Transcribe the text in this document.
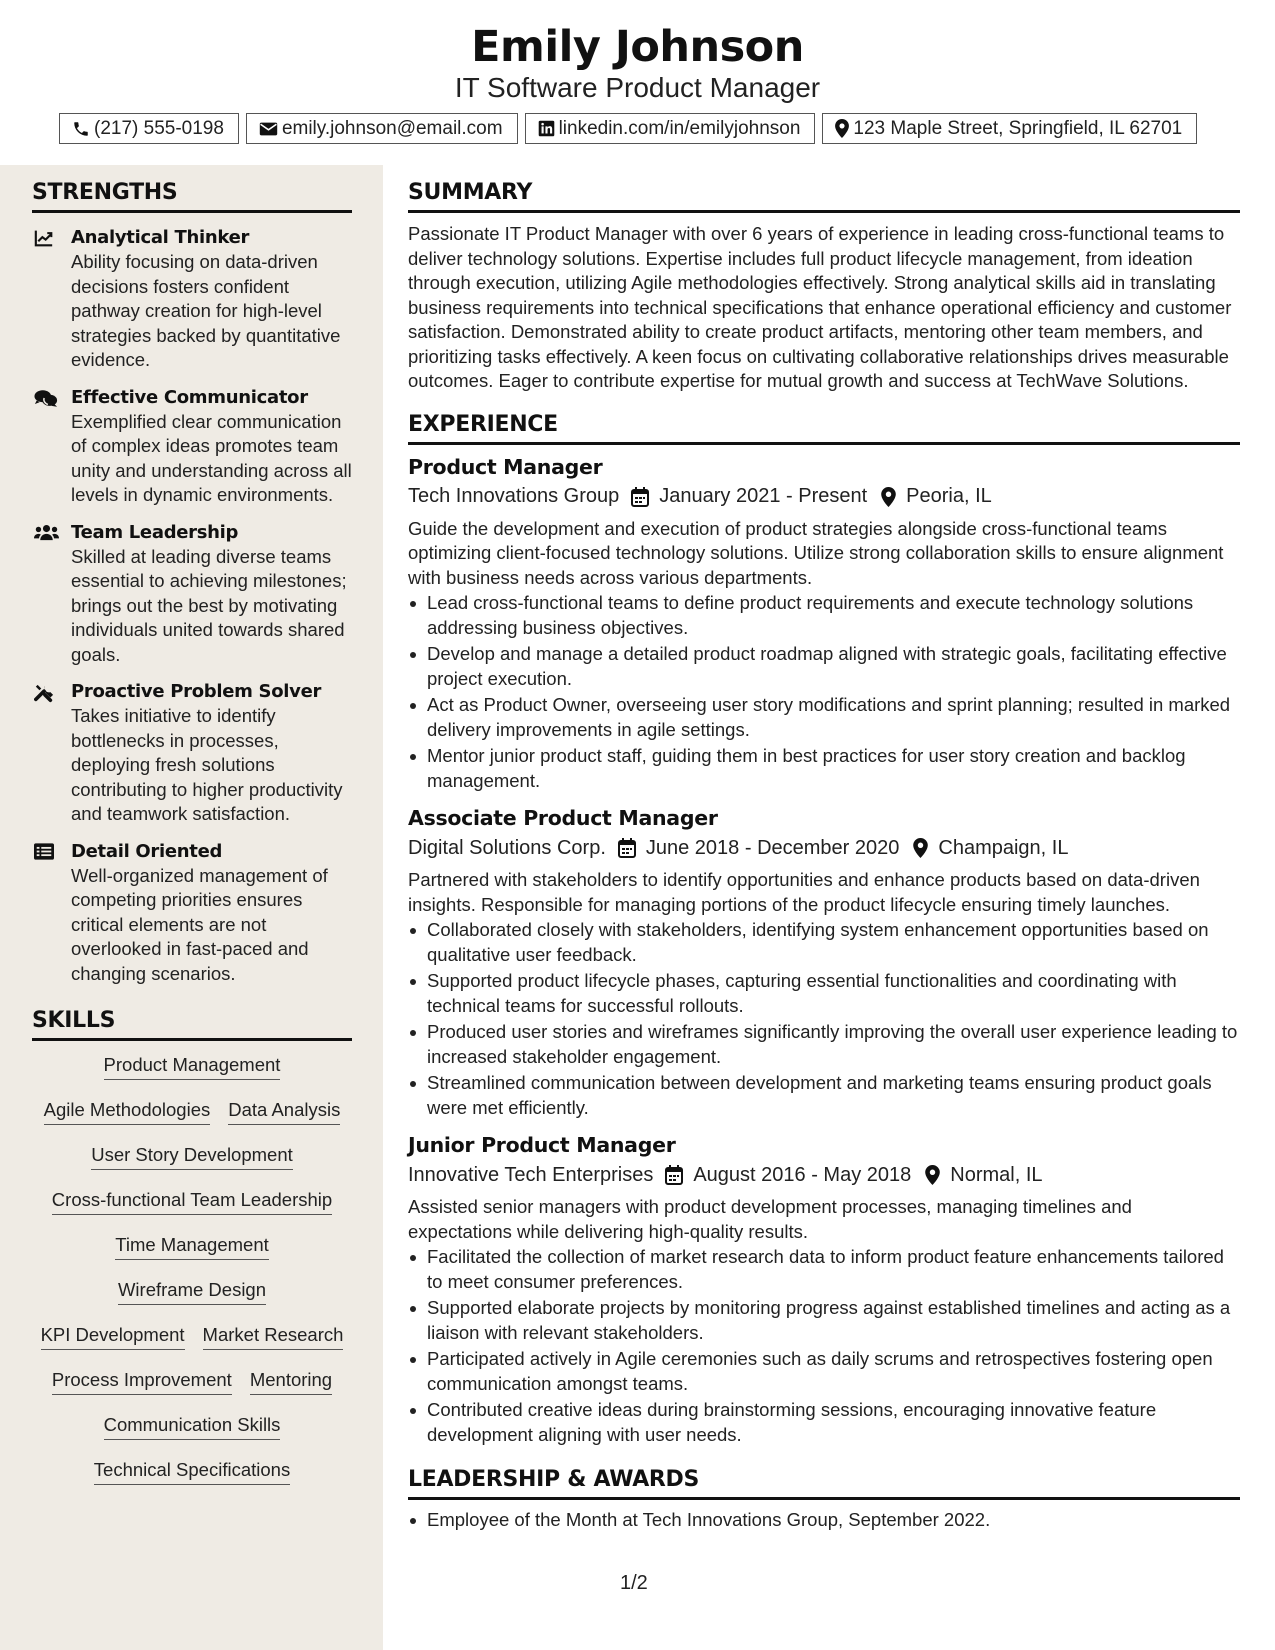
Emily Johnson
IT Software Product Manager
(217) 555-0198	emily.johnson@email.com	linkedin.com/in/emilyjohnson	123 Maple Street, Springfield, IL 62701
STRENGTHS
Analytical Thinker
Ability focusing on data-driven decisions fosters confident pathway creation for high-level strategies backed by quantitative evidence.
Effective Communicator
Exemplified clear communication of complex ideas promotes team unity and understanding across all levels in dynamic environments.
Team Leadership
Skilled at leading diverse teams essential to achieving milestones; brings out the best by motivating individuals united towards shared goals.
Proactive Problem Solver
Takes initiative to identify bottlenecks in processes, deploying fresh solutions contributing to higher productivity and teamwork satisfaction.
Detail Oriented
Well-organized management of competing priorities ensures critical elements are not overlooked in fast-paced and changing scenarios.
SKILLS
Product Management
Agile Methodologies Data Analysis
User Story Development
Cross-functional Team Leadership
Time Management
Wireframe Design
KPI Development Market Research
Process Improvement Mentoring
Communication Skills
Technical Specifications
SUMMARY
Passionate IT Product Manager with over 6 years of experience in leading cross-functional teams to deliver technology solutions. Expertise includes full product lifecycle management, from ideation through execution, utilizing Agile methodologies effectively. Strong analytical skills aid in translating business requirements into technical specifications that enhance operational efficiency and customer satisfaction. Demonstrated ability to create product artifacts, mentoring other team members, and prioritizing tasks effectively. A keen focus on cultivating collaborative relationships drives measurable outcomes. Eager to contribute expertise for mutual growth and success at TechWave Solutions.
EXPERIENCE
Product Manager
Tech Innovations Group January 2021 - Present Peoria, IL
Guide the development and execution of product strategies alongside cross-functional teams optimizing client-focused technology solutions. Utilize strong collaboration skills to ensure alignment with business needs across various departments.
Lead cross-functional teams to define product requirements and execute technology solutions addressing business objectives.
Develop and manage a detailed product roadmap aligned with strategic goals, facilitating effective project execution.
Act as Product Owner, overseeing user story modifications and sprint planning; resulted in marked delivery improvements in agile settings.
Mentor junior product staff, guiding them in best practices for user story creation and backlog management.
Associate Product Manager
Digital Solutions Corp. June 2018 - December 2020 Champaign, IL
Partnered with stakeholders to identify opportunities and enhance products based on data-driven insights. Responsible for managing portions of the product lifecycle ensuring timely launches.
Collaborated closely with stakeholders, identifying system enhancement opportunities based on qualitative user feedback.
Supported product lifecycle phases, capturing essential functionalities and coordinating with technical teams for successful rollouts.
Produced user stories and wireframes significantly improving the overall user experience leading to increased stakeholder engagement.
Streamlined communication between development and marketing teams ensuring product goals were met efficiently.
Junior Product Manager
Innovative Tech Enterprises August 2016 - May 2018 Normal, IL
Assisted senior managers with product development processes, managing timelines and expectations while delivering high-quality results.
Facilitated the collection of market research data to inform product feature enhancements tailored to meet consumer preferences.
Supported elaborate projects by monitoring progress against established timelines and acting as a liaison with relevant stakeholders.
Participated actively in Agile ceremonies such as daily scrums and retrospectives fostering open communication amongst teams.
Contributed creative ideas during brainstorming sessions, encouraging innovative feature development aligning with user needs.
LEADERSHIP & AWARDS
Employee of the Month at Tech Innovations Group, September 2022.
1/2
